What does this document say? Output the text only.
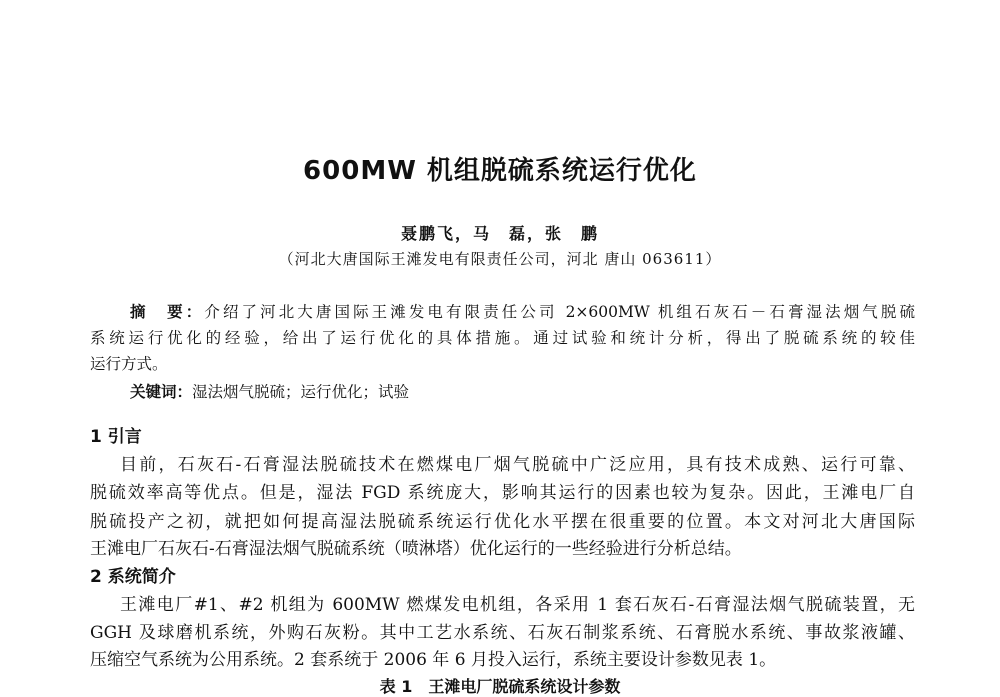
600MW 机组脱硫系统运行优化
聂鹏飞，马　磊，张　鹏
（河北大唐国际王滩发电有限责任公司，河北 唐山 063611）
摘　要：介绍了河北大唐国际王滩发电有限责任公司 2×600MW 机组石灰石－石膏湿法烟气脱硫
系统运行优化的经验，给出了运行优化的具体措施。通过试验和统计分析，得出了脱硫系统的较佳
运行方式。
关键词：湿法烟气脱硫；运行优化；试验
1 引言
目前，石灰石-石膏湿法脱硫技术在燃煤电厂烟气脱硫中广泛应用，具有技术成熟、运行可靠、
脱硫效率高等优点。但是，湿法 FGD 系统庞大，影响其运行的因素也较为复杂。因此，王滩电厂自
脱硫投产之初，就把如何提高湿法脱硫系统运行优化水平摆在很重要的位置。本文对河北大唐国际
王滩电厂石灰石-石膏湿法烟气脱硫系统（喷淋塔）优化运行的一些经验进行分析总结。
2 系统简介
王滩电厂#1、#2 机组为 600MW 燃煤发电机组，各采用 1 套石灰石-石膏湿法烟气脱硫装置，无
GGH 及球磨机系统，外购石灰粉。其中工艺水系统、石灰石制浆系统、石膏脱水系统、事故浆液罐、
压缩空气系统为公用系统。2 套系统于 2006 年 6 月投入运行，系统主要设计参数见表 1。
表 1　王滩电厂脱硫系统设计参数
